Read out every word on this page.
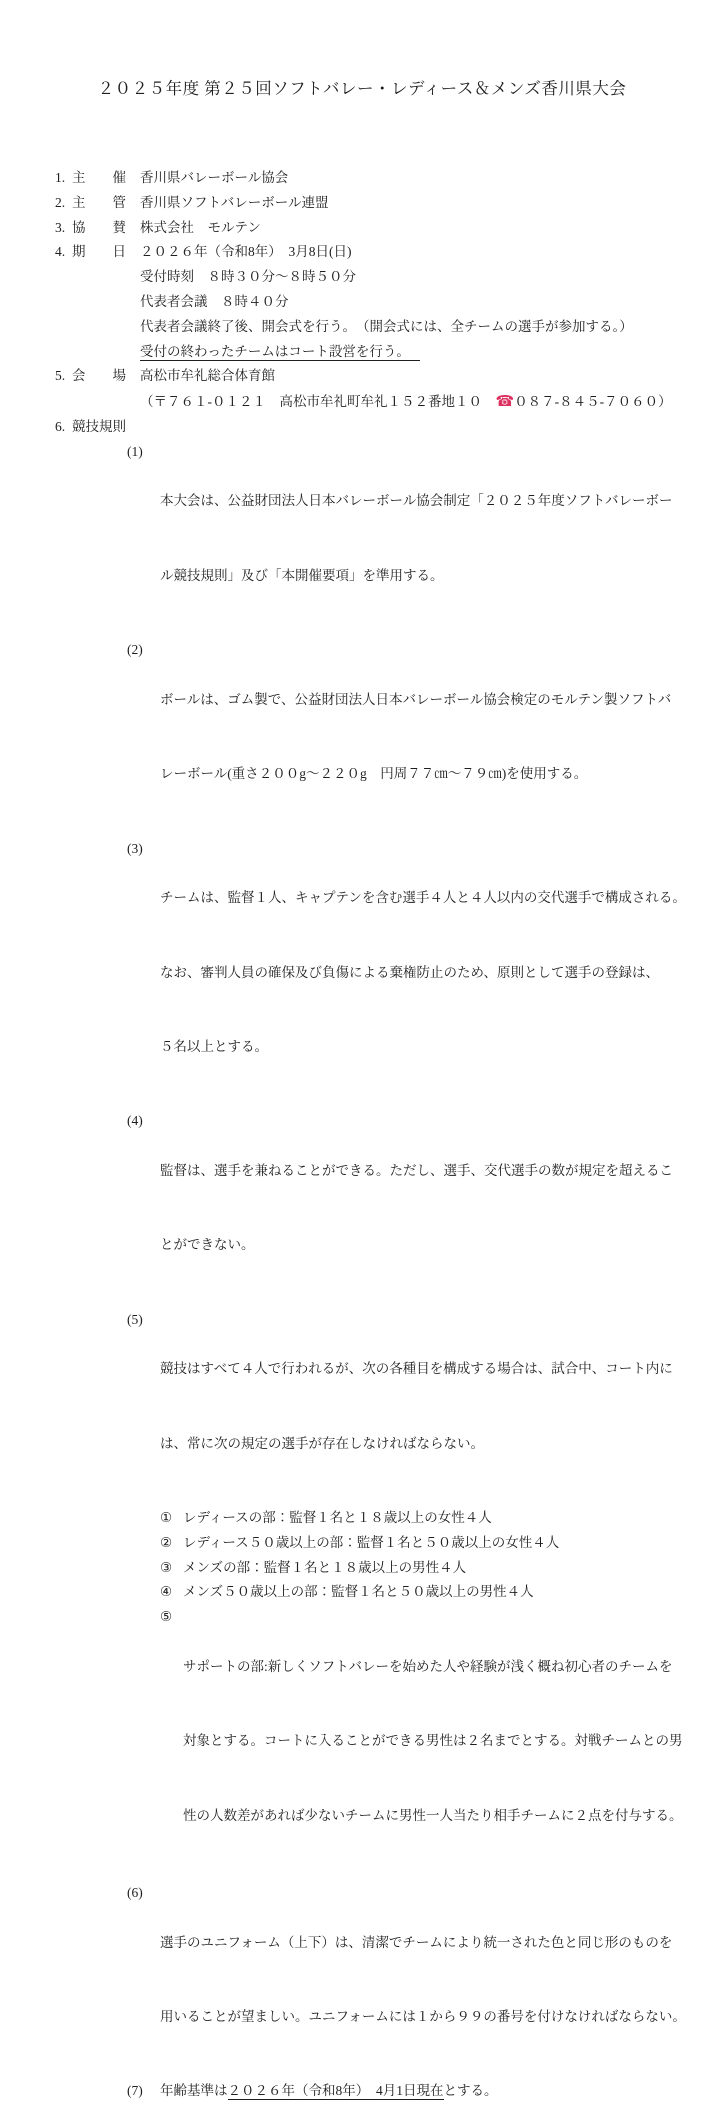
２０２５年度 第２５回ソフトバレー・レディース＆メンズ香川県大会
1. 主　　催	香川県バレーボール協会
2. 主　　管	香川県ソフトバレーボール連盟
3. 協　　賛	株式会社　モルテン
4. 期　　日	２０２６年（令和8年）　3月8日(日)
受付時刻　８時３０分～８時５０分
代表者会議　８時４０分
代表者会議終了後、開会式を行う。　（開会式には、全チームの選手が参加する。）
受付の終わったチームはコート設営を行う。
5. 会　　場	高松市牟礼総合体育館
（〒７６１-０１２１　高松市牟礼町牟礼１５２番地１０　☎０８７-８４５-７０６０）
6. 競技規則
(1)

本大会は、公益財団法人日本バレーボール協会制定「２０２５年度ソフトバレーボー

ル競技規則」及び「本開催要項」を準用する。

(2)

ボールは、ゴム製で、公益財団法人日本バレーボール協会検定のモルテン製ソフトバ

レーボール(重さ２００g～２２０g　円周７７㎝～７９㎝)を使用する。

(3)

チームは、監督１人、キャプテンを含む選手４人と４人以内の交代選手で構成される。

なお、審判人員の確保及び負傷による棄権防止のため、原則として選手の登録は、

５名以上とする。

(4)

監督は、選手を兼ねることができる。ただし、選手、交代選手の数が規定を超えるこ

とができない。

(5)

競技はすべて４人で行われるが、次の各種目を構成する場合は、試合中、コート内に

は、常に次の規定の選手が存在しなければならない。

① レディースの部：監督１名と１８歳以上の女性４人
② レディース５０歳以上の部：監督１名と５０歳以上の女性４人
③ メンズの部：監督１名と１８歳以上の男性４人
④ メンズ５０歳以上の部：監督１名と５０歳以上の男性４人
⑤

サポートの部:新しくソフトバレーを始めた人や経験が浅く概ね初心者のチームを

対象とする。コートに入ることができる男性は２名までとする。対戦チームとの男

性の人数差があれば少ないチームに男性一人当たり相手チームに２点を付与する。

(6)

選手のユニフォーム（上下）は、清潔でチームにより統一された色と同じ形のものを

用いることが望ましい。ユニフォームには１から９９の番号を付けなければならない。

(7)	年齢基準は２０２６年（令和8年）　4月1日現在とする。
